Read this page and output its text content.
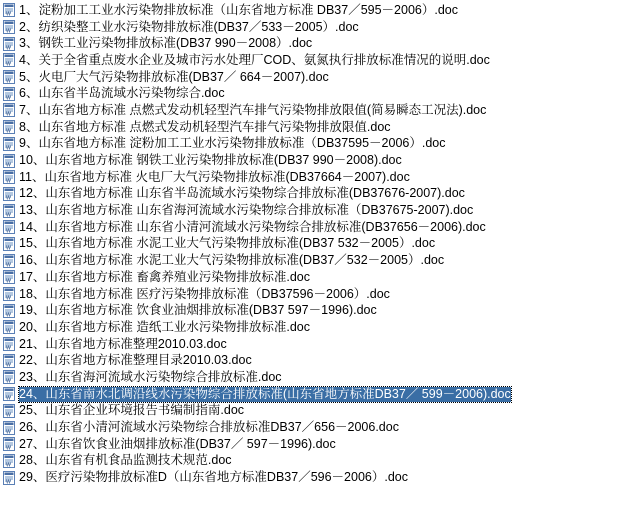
W 1、淀粉加工工业水污染物排放标准（山东省地方标准 DB37／595－2006）.doc
W 2、纺织染整工业水污染物排放标准(DB37／533－2005）.doc
W 3、钢铁工业污染物排放标准(DB37 990－2008）.doc
W 4、关于全省重点废水企业及城市污水处理厂COD、氨氮执行排放标准情况的说明.doc
W 5、火电厂大气污染物排放标准(DB37／ 664－2007).doc
W 6、山东省半岛流域水污染物综合.doc
W 7、山东省地方标准 点燃式发动机轻型汽车排气污染物排放限值(简易瞬态工况法).doc
W 8、山东省地方标准 点燃式发动机轻型汽车排气污染物排放限值.doc
W 9、山东省地方标准 淀粉加工工业水污染物排放标准（DB37595－2006）.doc
W 10、山东省地方标准 钢铁工业污染物排放标准(DB37 990－2008).doc
W 11、山东省地方标准 火电厂大气污染物排放标准(DB37664－2007).doc
W 12、山东省地方标准 山东省半岛流域水污染物综合排放标准(DB37676-2007).doc
W 13、山东省地方标准 山东省海河流域水污染物综合排放标准（DB37675-2007).doc
W 14、山东省地方标准 山东省小清河流域水污染物综合排放标准(DB37656－2006).doc
W 15、山东省地方标准 水泥工业大气污染物排放标准(DB37 532－2005）.doc
W 16、山东省地方标准 水泥工业大气污染物排放标准(DB37／532－2005）.doc
W 17、山东省地方标准 畜禽养殖业污染物排放标准.doc
W 18、山东省地方标准 医疗污染物排放标准（DB37596－2006）.doc
W 19、山东省地方标准 饮食业油烟排放标准(DB37 597－1996).doc
W 20、山东省地方标准 造纸工业水污染物排放标准.doc
W 21、山东省地方标准整理2010.03.doc
W 22、山东省地方标准整理目录2010.03.doc
W 23、山东省海河流域水污染物综合排放标准.doc
W 24、山东省南水北调沿线水污染物综合排放标准(山东省地方标准DB37／ 599－2006).doc
W 25、山东省企业环境报告书编制指南.doc
W 26、山东省小清河流域水污染物综合排放标准DB37／656－2006.doc
W 27、山东省饮食业油烟排放标准(DB37／ 597－1996).doc
W 28、山东省有机食品监测技术规范.doc
W 29、医疗污染物排放标准D（山东省地方标准DB37／596－2006）.doc
